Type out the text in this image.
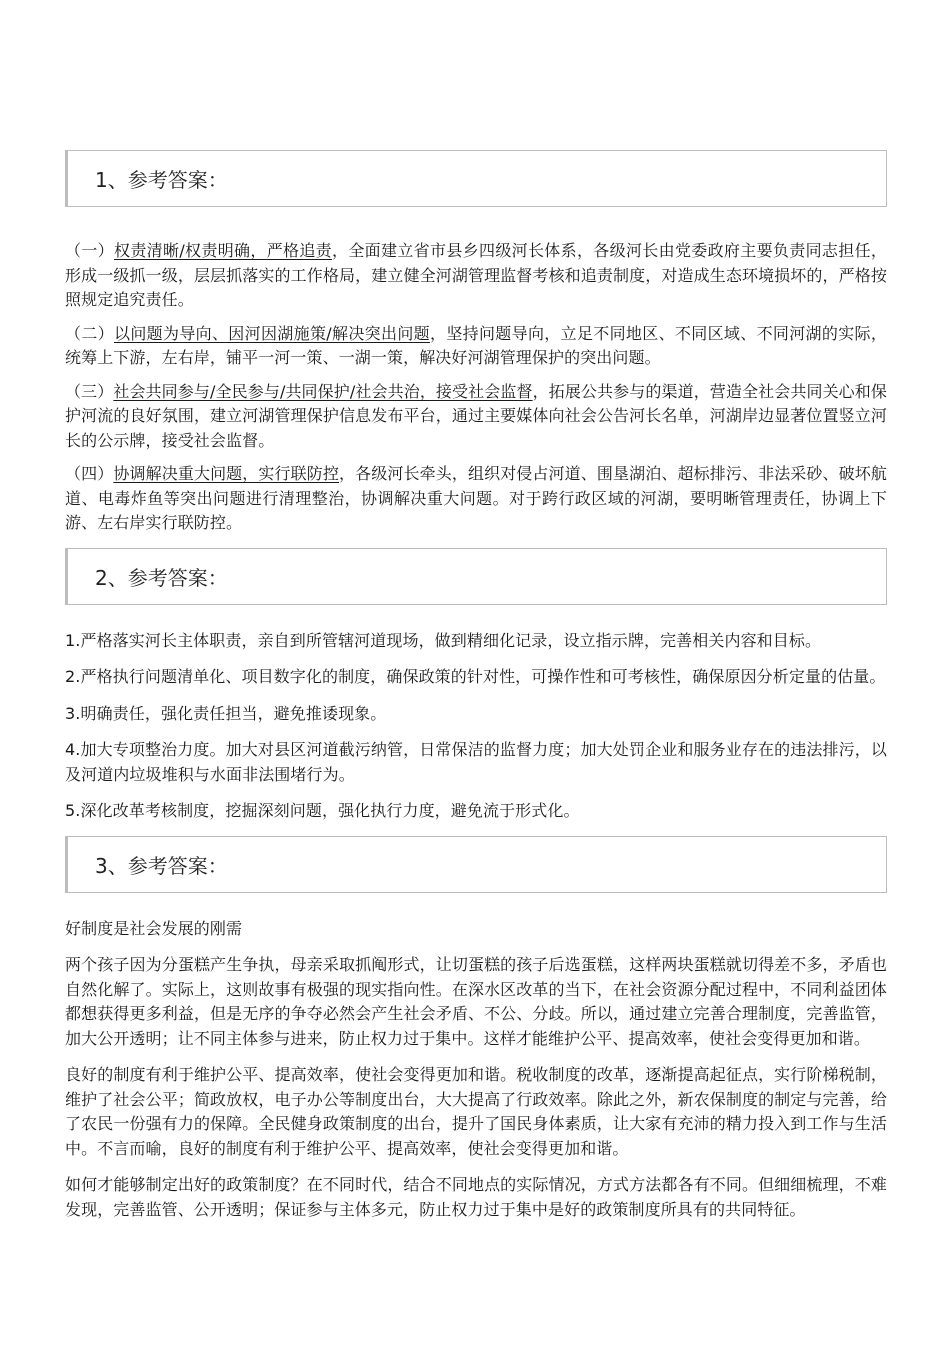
1、参考答案：

（一）权责清晰/权责明确，严格追责，全面建立省市县乡四级河长体系，各级河长由党委政府主要负责同志担任，形成一级抓一级，层层抓落实的工作格局，建立健全河湖管理监督考核和追责制度，对造成生态环境损坏的，严格按照规定追究责任。

（二）以问题为导向、因河因湖施策/解决突出问题，坚持问题导向，立足不同地区、不同区域、不同河湖的实际，统筹上下游，左右岸，铺平一河一策、一湖一策，解决好河湖管理保护的突出问题。

（三）社会共同参与/全民参与/共同保护/社会共治，接受社会监督，拓展公共参与的渠道，营造全社会共同关心和保护河流的良好氛围，建立河湖管理保护信息发布平台，通过主要媒体向社会公告河长名单，河湖岸边显著位置竖立河长的公示牌，接受社会监督。

（四）协调解决重大问题，实行联防控，各级河长牵头，组织对侵占河道、围垦湖泊、超标排污、非法采砂、破坏航道、电毒炸鱼等突出问题进行清理整治，协调解决重大问题。对于跨行政区域的河湖，要明晰管理责任，协调上下游、左右岸实行联防控。

2、参考答案：

1.严格落实河长主体职责，亲自到所管辖河道现场，做到精细化记录，设立指示牌，完善相关内容和目标。

2.严格执行问题清单化、项目数字化的制度，确保政策的针对性，可操作性和可考核性，确保原因分析定量的估量。

3.明确责任，强化责任担当，避免推诿现象。

4.加大专项整治力度。加大对县区河道截污纳管，日常保洁的监督力度；加大处罚企业和服务业存在的违法排污，以及河道内垃圾堆积与水面非法围堵行为。

5.深化改革考核制度，挖掘深刻问题，强化执行力度，避免流于形式化。

3、参考答案：

好制度是社会发展的刚需

两个孩子因为分蛋糕产生争执，母亲采取抓阄形式，让切蛋糕的孩子后选蛋糕，这样两块蛋糕就切得差不多，矛盾也自然化解了。实际上，这则故事有极强的现实指向性。在深水区改革的当下，在社会资源分配过程中，不同利益团体都想获得更多利益，但是无序的争夺必然会产生社会矛盾、不公、分歧。所以，通过建立完善合理制度，完善监管，加大公开透明；让不同主体参与进来，防止权力过于集中。这样才能维护公平、提高效率，使社会变得更加和谐。

良好的制度有利于维护公平、提高效率，使社会变得更加和谐。税收制度的改革，逐渐提高起征点，实行阶梯税制，维护了社会公平；简政放权，电子办公等制度出台，大大提高了行政效率。除此之外，新农保制度的制定与完善，给了农民一份强有力的保障。全民健身政策制度的出台，提升了国民身体素质，让大家有充沛的精力投入到工作与生活中。不言而喻，良好的制度有利于维护公平、提高效率，使社会变得更加和谐。

如何才能够制定出好的政策制度？在不同时代，结合不同地点的实际情况，方式方法都各有不同。但细细梳理，不难发现，完善监管、公开透明；保证参与主体多元，防止权力过于集中是好的政策制度所具有的共同特征。
